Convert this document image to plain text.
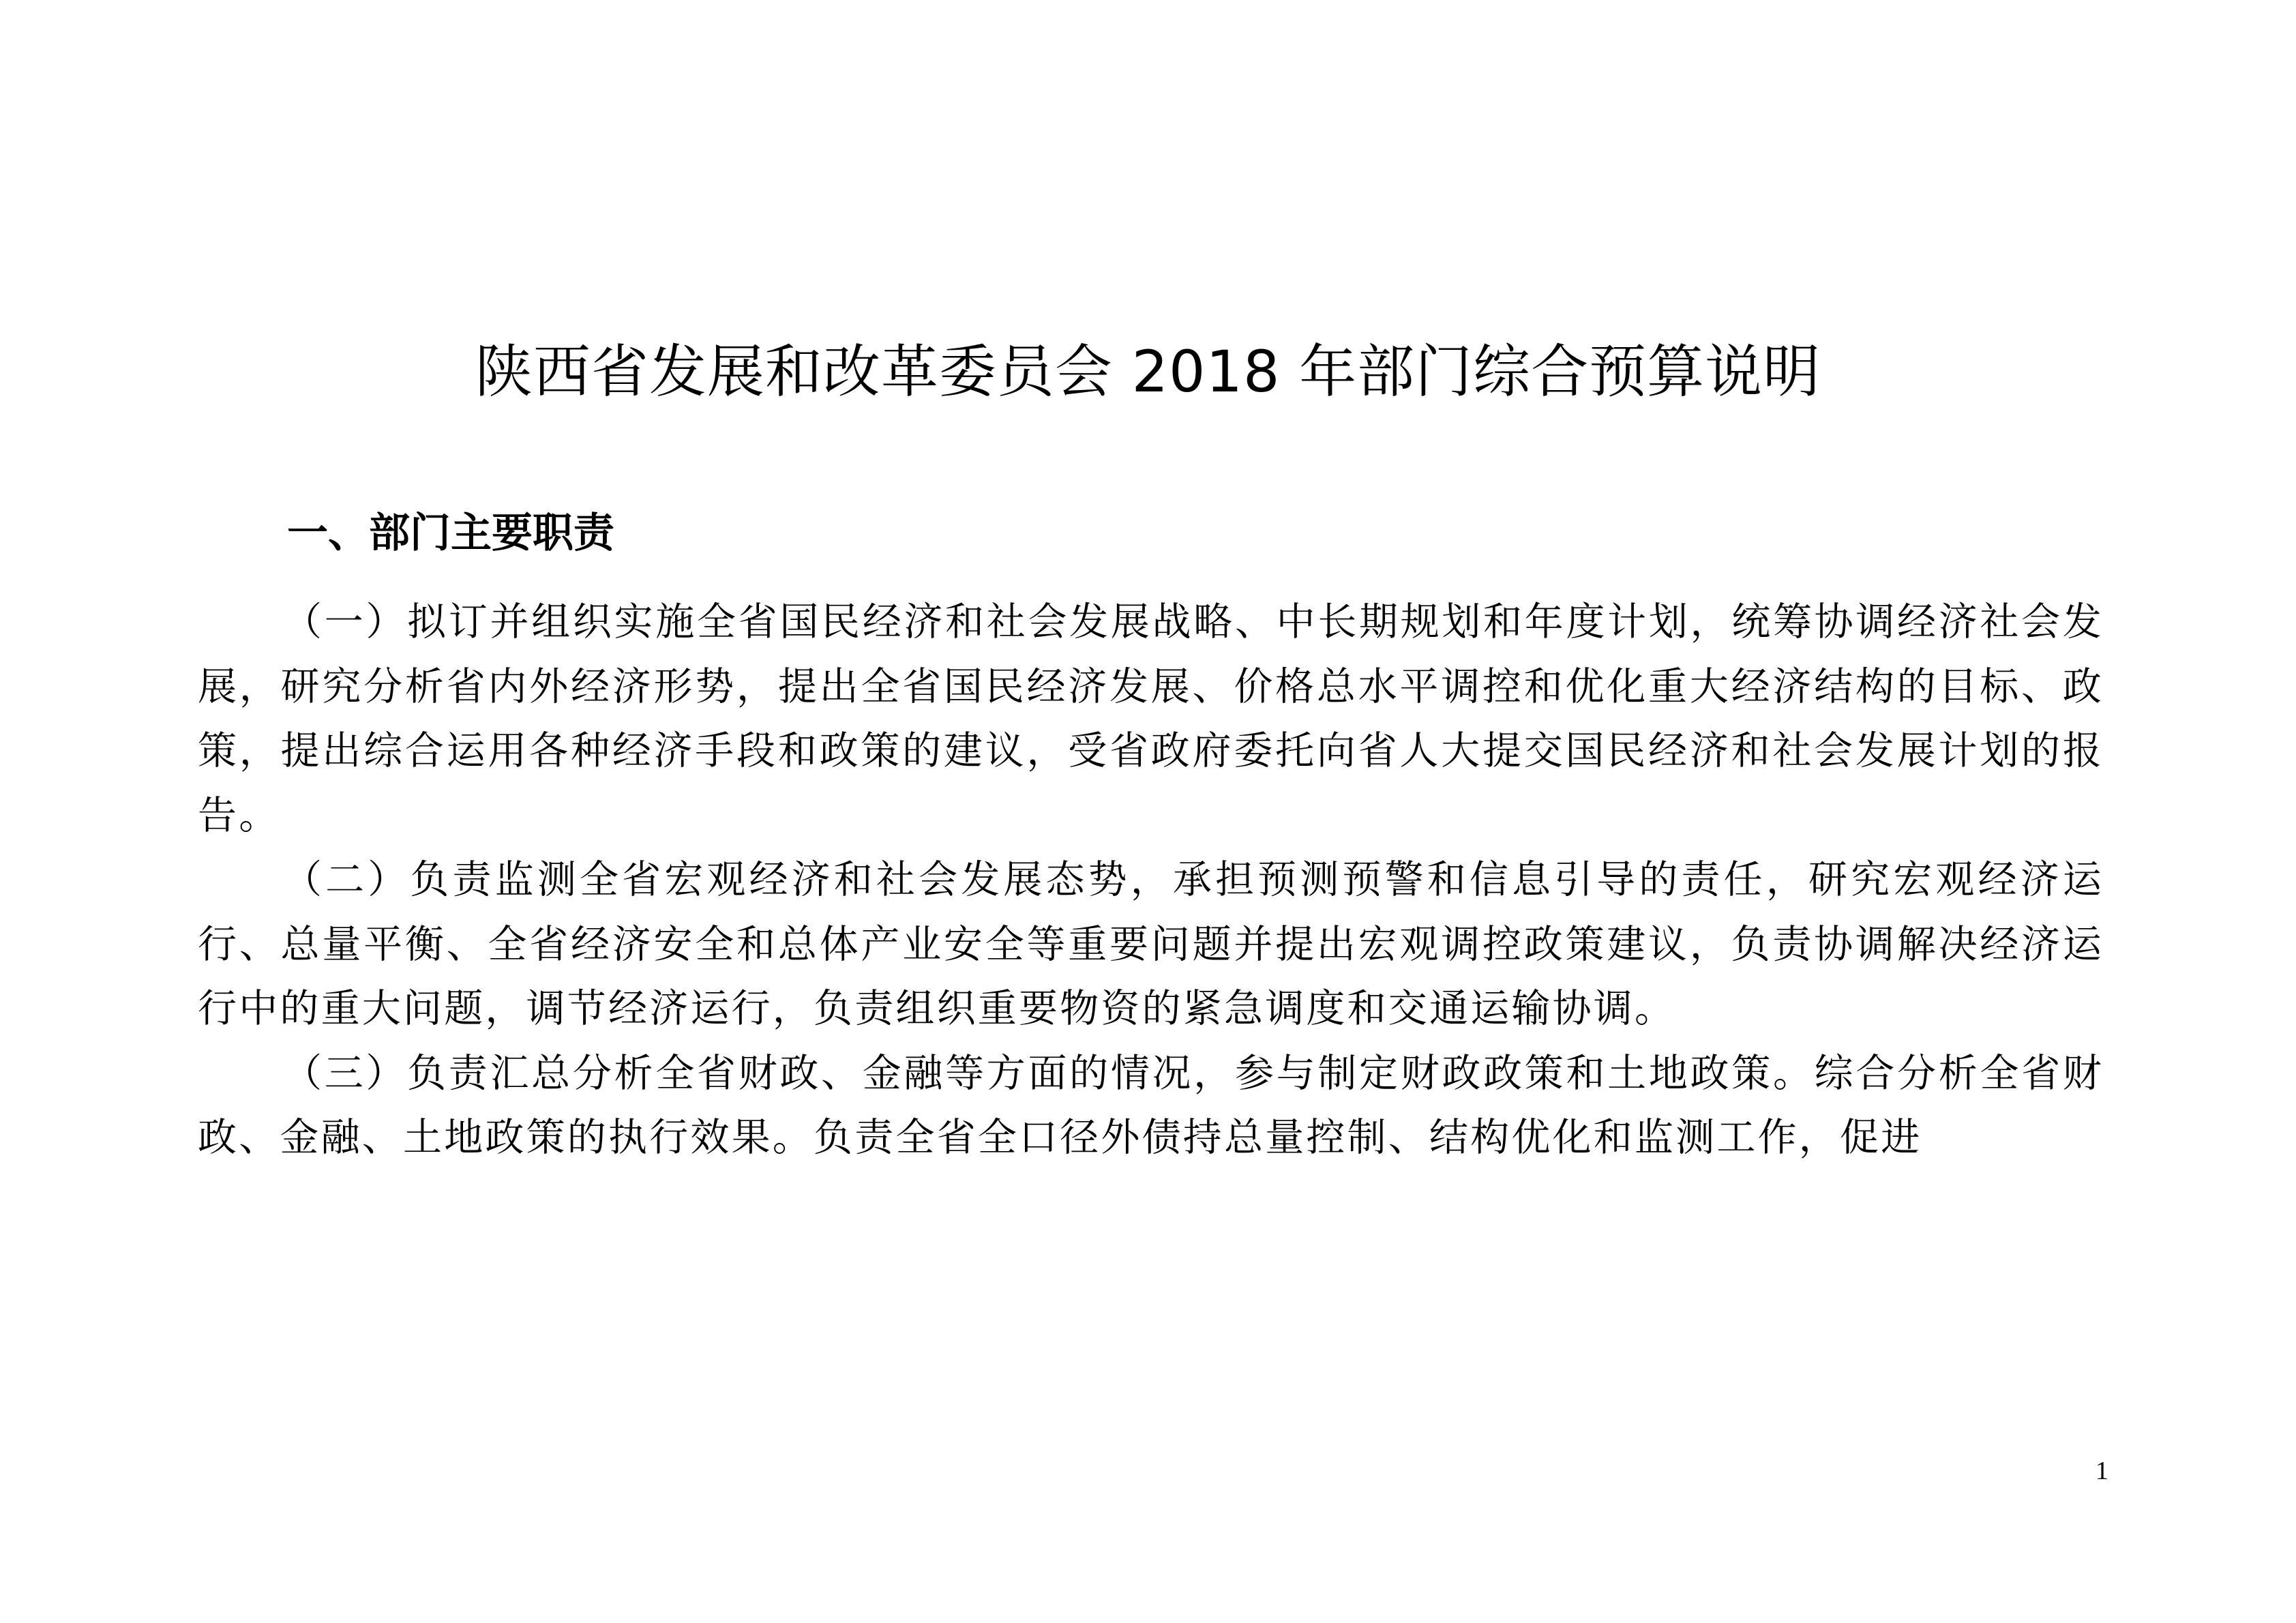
陕西省发展和改革委员会 2018 年部门综合预算说明
一、部门主要职责

（一）拟订并组织实施全省国民经济和社会发展战略、中长期规划和年度计划，统筹协调经济社会发展，研究分析省内外经济形势，提出全省国民经济发展、价格总水平调控和优化重大经济结构的目标、政策，提出综合运用各种经济手段和政策的建议，受省政府委托向省人大提交国民经济和社会发展计划的报告。

（二）负责监测全省宏观经济和社会发展态势，承担预测预警和信息引导的责任，研究宏观经济运行、总量平衡、全省经济安全和总体产业安全等重要问题并提出宏观调控政策建议，负责协调解决经济运行中的重大问题，调节经济运行，负责组织重要物资的紧急调度和交通运输协调。

（三）负责汇总分析全省财政、金融等方面的情况，参与制定财政政策和土地政策。综合分析全省财政、金融、土地政策的执行效果。负责全省全口径外债持总量控制、结构优化和监测工作，促进

1
